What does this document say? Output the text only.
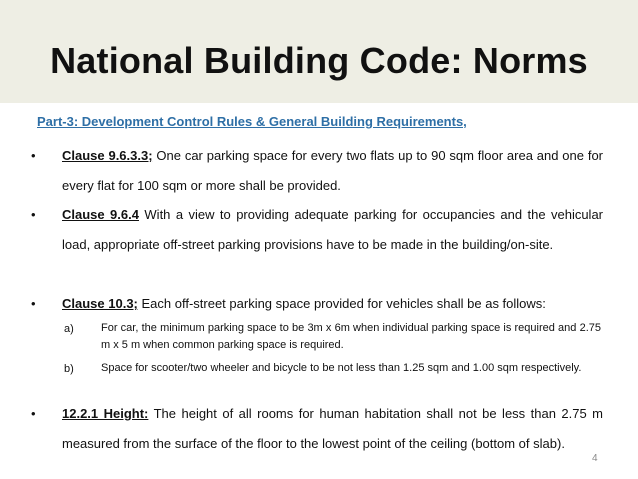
National Building Code: Norms
Part-3: Development Control Rules & General Building Requirements,
• Clause 9.6.3.3; One car parking space for every two flats up to 90 sqm floor area and one for every flat for 100 sqm or more shall be provided.
• Clause 9.6.4 With a view to providing adequate parking for occupancies and the vehicular load, appropriate off-street parking provisions have to be made in the building/on-site.
• Clause 10.3; Each off-street parking space provided for vehicles shall be as follows:
a) For car, the minimum parking space to be 3m x 6m when individual parking space is required and 2.75 m x 5 m when common parking space is required.
b) Space for scooter/two wheeler and bicycle to be not less than 1.25 sqm and 1.00 sqm respectively.
• 12.2.1 Height: The height of all rooms for human habitation shall not be less than 2.75 m measured from the surface of the floor to the lowest point of the ceiling (bottom of slab).
4
